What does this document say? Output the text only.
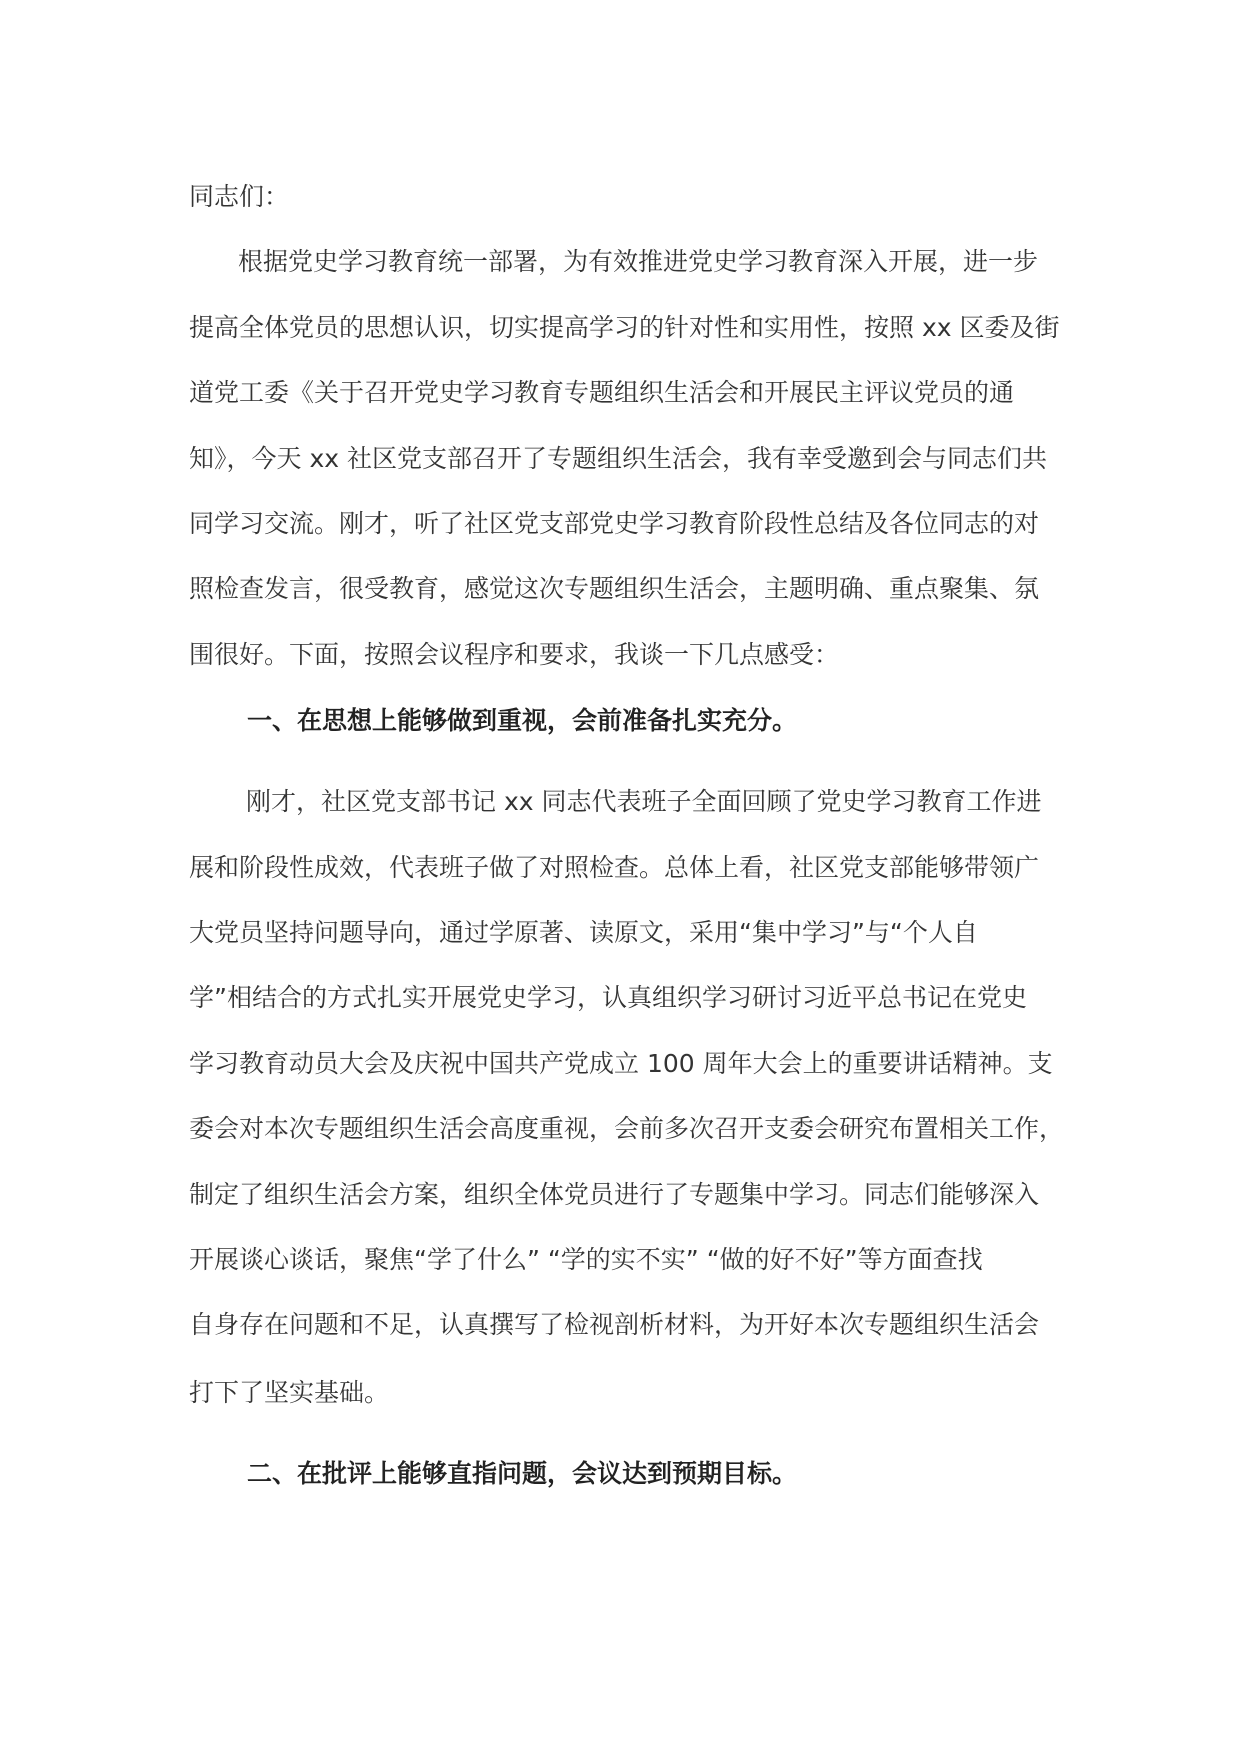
同志们：
根据党史学习教育统一部署，为有效推进党史学习教育深入开展，进一步
提高全体党员的思想认识，切实提高学习的针对性和实用性，按照 xx 区委及街
道党工委《关于召开党史学习教育专题组织生活会和开展民主评议党员的通
知》，今天 xx 社区党支部召开了专题组织生活会，我有幸受邀到会与同志们共
同学习交流。刚才，听了社区党支部党史学习教育阶段性总结及各位同志的对
照检查发言，很受教育，感觉这次专题组织生活会，主题明确、重点聚集、氛
围很好。下面，按照会议程序和要求，我谈一下几点感受：
一、在思想上能够做到重视，会前准备扎实充分。
刚才，社区党支部书记 xx 同志代表班子全面回顾了党史学习教育工作进
展和阶段性成效，代表班子做了对照检查。总体上看，社区党支部能够带领广
大党员坚持问题导向，通过学原著、读原文，采用“集中学习”与“个人自
学”相结合的方式扎实开展党史学习，认真组织学习研讨习近平总书记在党史
学习教育动员大会及庆祝中国共产党成立 100 周年大会上的重要讲话精神。支
委会对本次专题组织生活会高度重视，会前多次召开支委会研究布置相关工作，
制定了组织生活会方案，组织全体党员进行了专题集中学习。同志们能够深入
开展谈心谈话，聚焦“学了什么” “学的实不实” “做的好不好”等方面查找
自身存在问题和不足，认真撰写了检视剖析材料，为开好本次专题组织生活会
打下了坚实基础。
二、在批评上能够直指问题，会议达到预期目标。
